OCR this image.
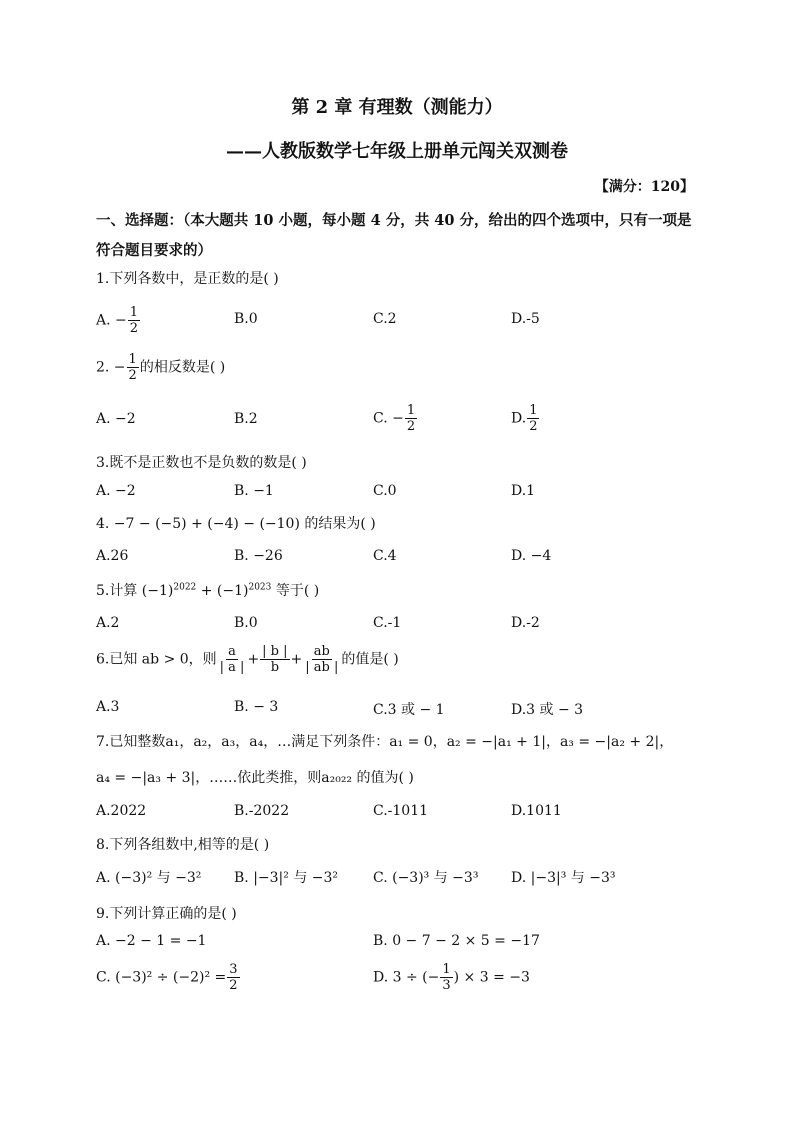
第 2 章 有理数（测能力）
——人教版数学七年级上册单元闯关双测卷
【满分：120】
一、选择题：（本大题共 10 小题，每小题 4 分，共 40 分，给出的四个选项中，只有一项是符合题目要求的）
1.下列各数中，是正数的是( )
A. − $\frac{1}{2}$	B.0	C.2	D.-5
2. − $\frac{1}{2}$ 的相反数是( )
A. −2	B.2	C. − $\frac{1}{2}$	D. $\frac{1}{2}$
3.既不是正数也不是负数的数是( )
A. −2	B. −1	C.0	D.1
4. −7 − (−5) + (−4) − (−10) 的结果为( )
A.26	B. −26	C.4	D. −4
5.计算 $(-1)^{2022} + (-1)^{2023}$ 等于( )
A.2	B.0	C.-1	D.-2
6.已知 ab > 0，则 $\frac{a}{| a |} + \frac{| b |}{b} + \frac{ab}{| ab |}$ 的值是( )
A.3	B. − 3	C.3 或 − 1	D.3 或 − 3
7.已知整数a₁，a₂，a₃，a₄，…满足下列条件：a₁ = 0，a₂ = −|a₁ + 1|，a₃ = −|a₂ + 2|，
a₄ = −|a₃ + 3|，……依此类推，则a₂₀₂₂ 的值为( )
A.2022	B.-2022	C.-1011	D.1011
8.下列各组数中,相等的是( )
A. (−3)² 与 −3² B. |−3|² 与 −3² C. (−3)³ 与 −3³ D. |−3|³ 与 −3³
9.下列计算正确的是( )
A. −2 − 1 = −1	B. 0 − 7 − 2 × 5 = −17
C. $(-3)^2 \div (-2)^2 = \frac{3}{2}$	D. 3 ÷ (− $\frac{1}{3}$ ) × 3 = −3
